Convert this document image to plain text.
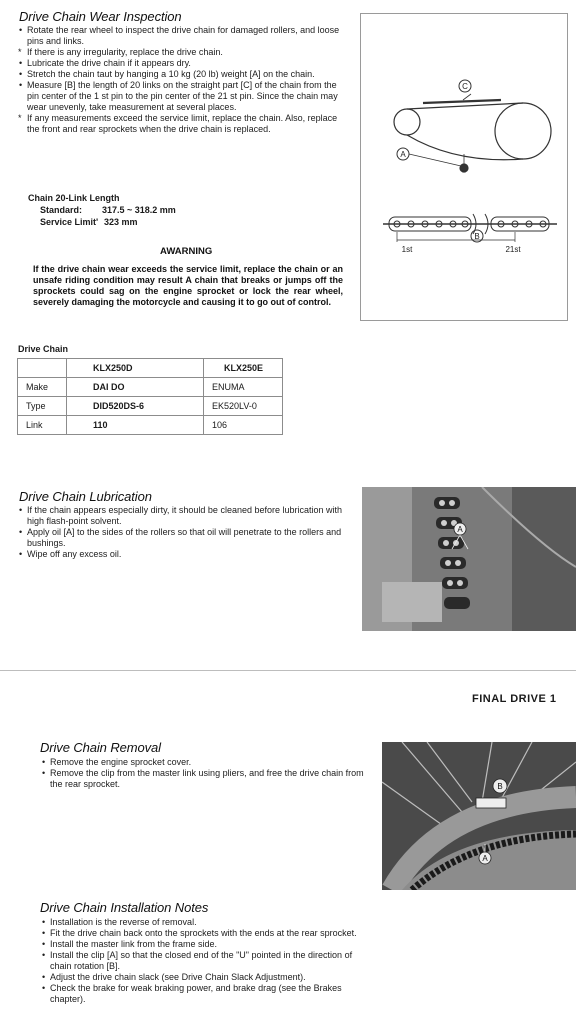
Drive Chain Wear Inspection
• Rotate the rear wheel to inspect the drive chain for damaged rollers, and loose pins and links.
* If there is any irregularity, replace the drive chain.
• Lubricate the drive chain if it appears dry.
• Stretch the chain taut by hanging a 10 kg (20 lb) weight [A] on the chain.
• Measure [B] the length of 20 links on the straight part [C] of the chain from the pin center of the 1 st pin to the pin center of the 21 st pin. Since the chain may wear unevenly, take measurement at several places.
* If any measurements exceed the service limit, replace the chain. Also, replace the front and rear sprockets when the drive chain is replaced.
Chain 20-Link Length
Standard: 317.5 ~ 318.2 mm
Service Limit' 323 mm
AWARNING
If the drive chain wear exceeds the service limit, replace the chain or an unsafe riding condition may result A chain that breaks or jumps off the sprockets could sag on the engine sprocket or lock the rear wheel, severely damaging the motorcycle and causing it to go out of control.
C
A
B
1st	21st
Drive Chain
	KLX250D	KLX250E
Make	DAI DO	ENUMA
Type	DID520DS-6	EK520LV-0
Link	110	106
Drive Chain Lubrication
• If the chain appears especially dirty, it should be cleaned before lubrication with high flash-point solvent.
• Apply oil [A] to the sides of the rollers so that oil will penetrate to the rollers and bushings.
• Wipe off any excess oil.
A
FINAL DRIVE 1
Drive Chain Removal
• Remove the engine sprocket cover.
• Remove the clip from the master link using pliers, and free the drive chain from the rear sprocket.	B
A
Drive Chain Installation Notes
• Installation is the reverse of removal.
• Fit the drive chain back onto the sprockets with the ends at the rear sprocket.
• Install the master link from the frame side.
• Install the clip [A] so that the closed end of the "U" pointed in the direction of chain rotation [B].
• Adjust the drive chain slack (see Drive Chain Slack Adjustment).
• Check the brake for weak braking power, and brake drag (see the Brakes chapter).
